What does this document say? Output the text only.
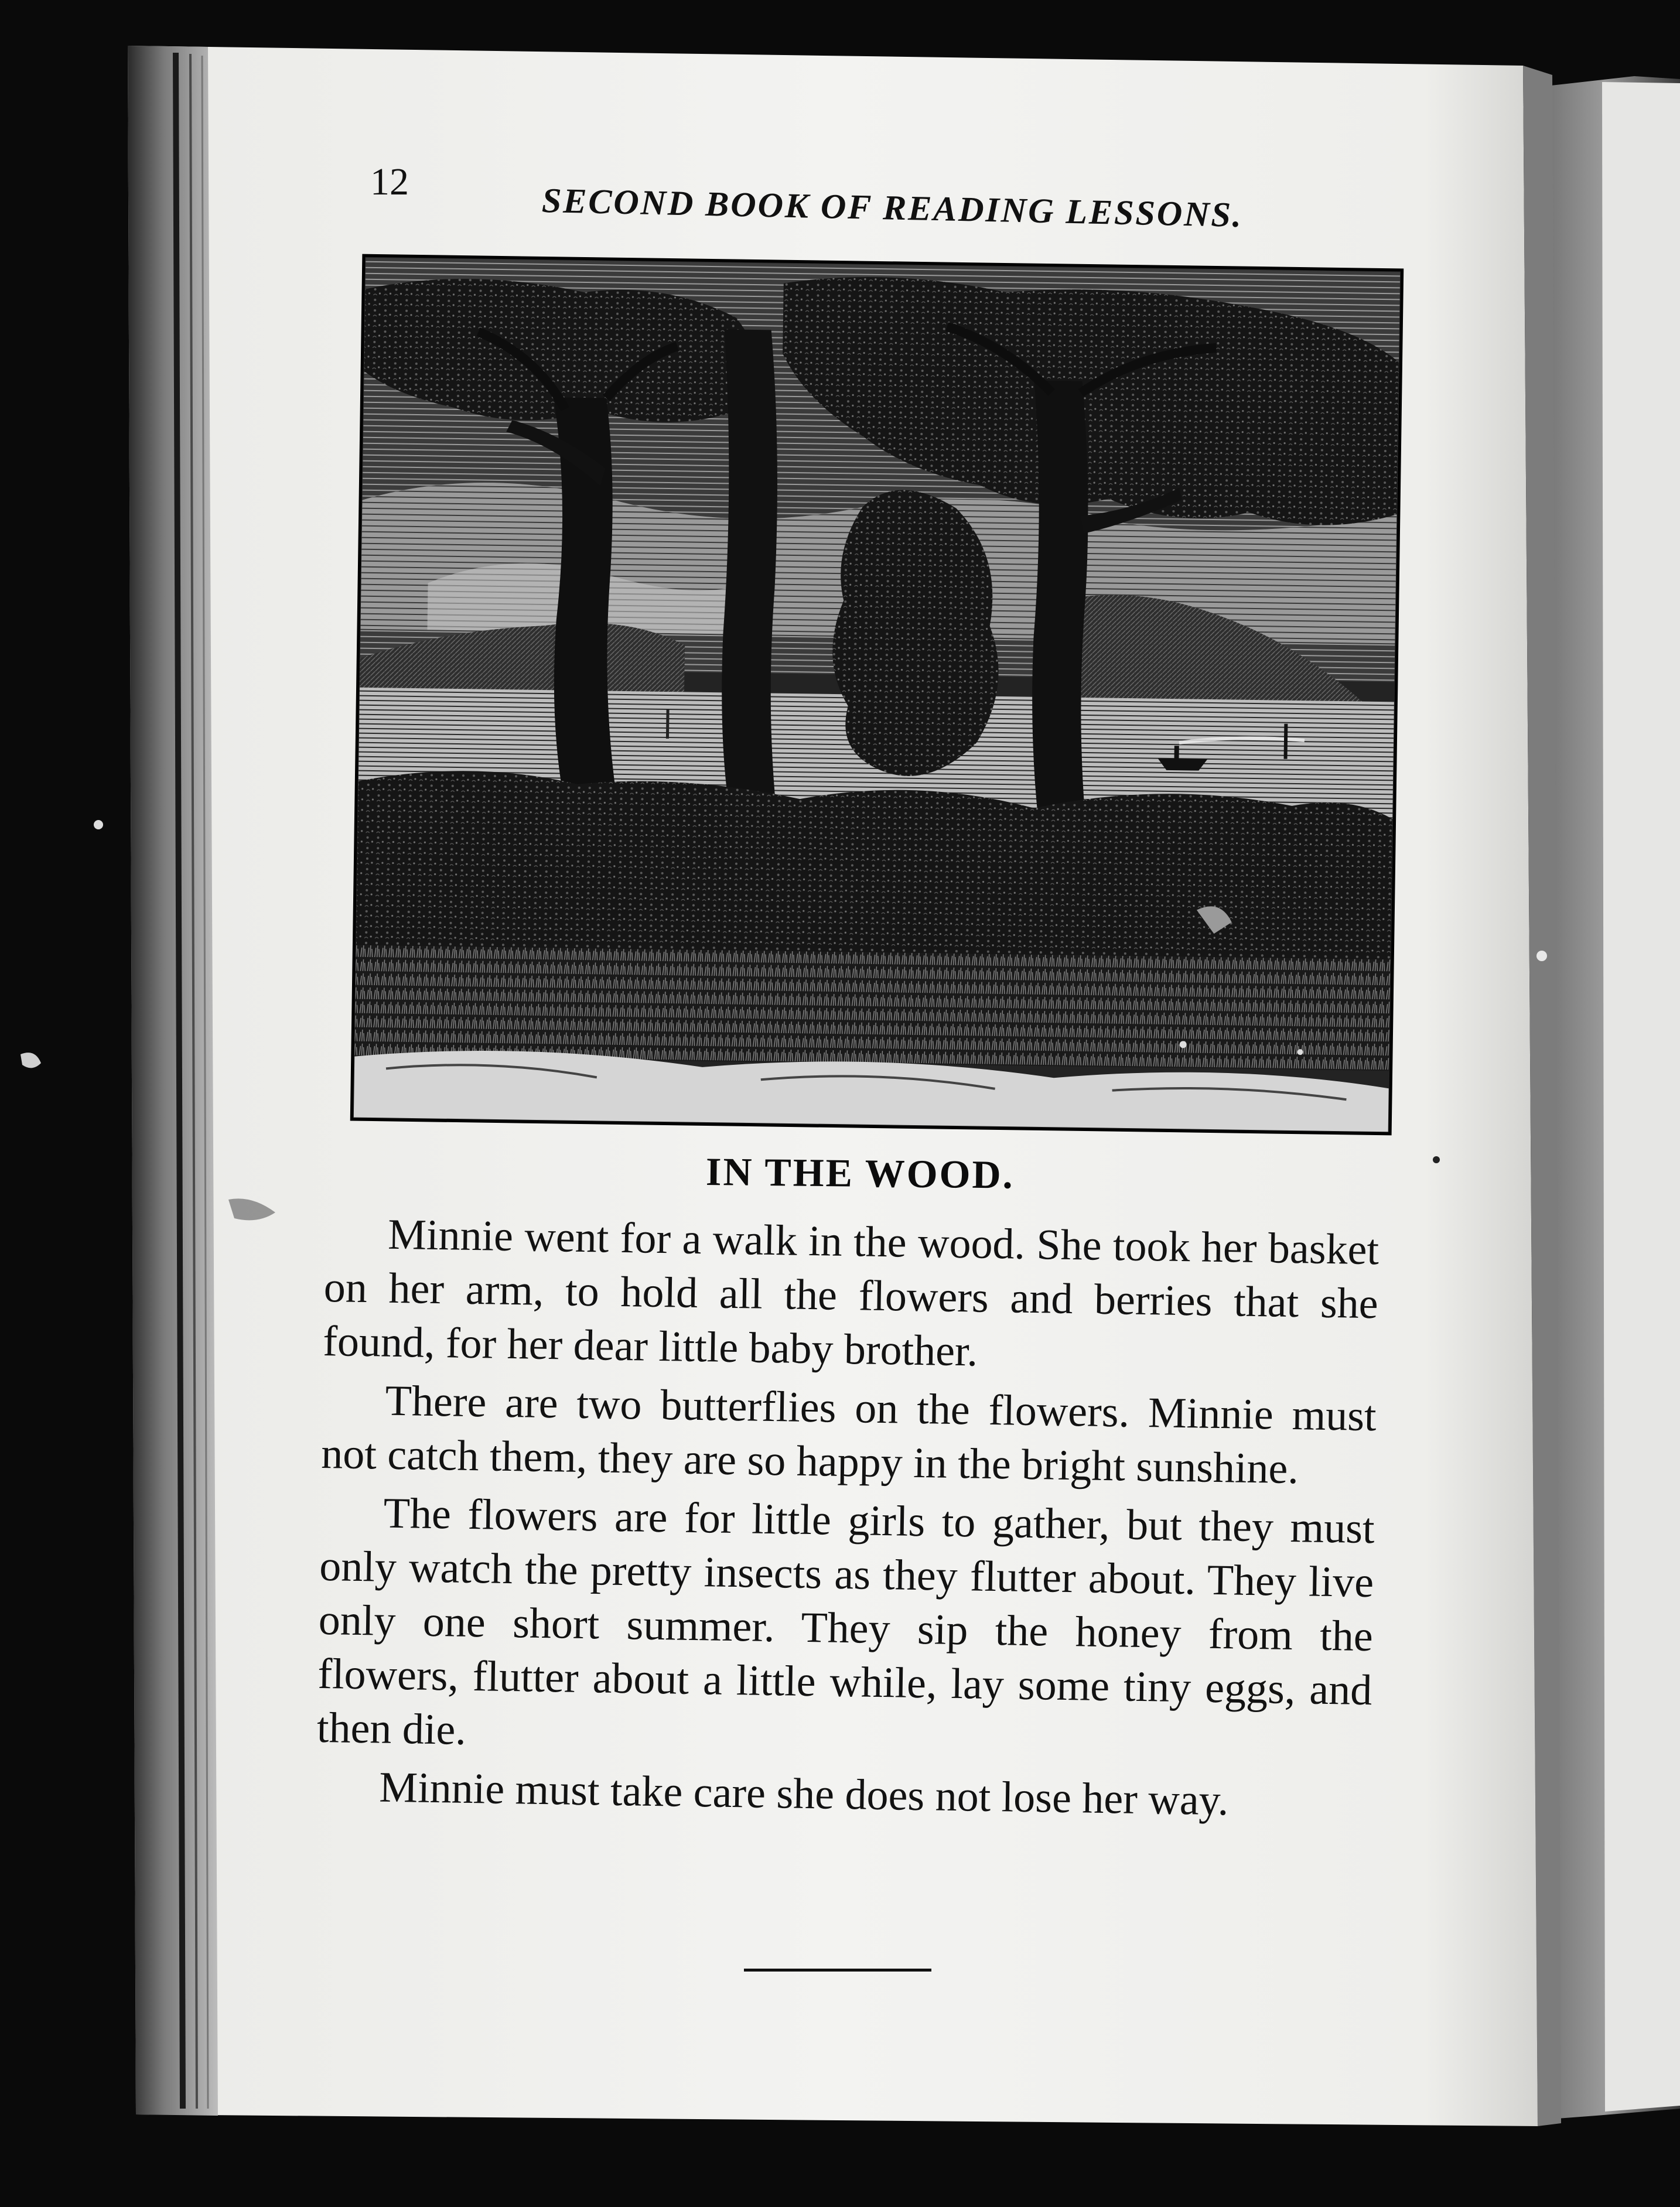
12	SECOND BOOK OF READING LESSONS.
IN THE WOOD.

Minnie went for a walk in the wood. She took her basket on her arm, to hold all the flowers and berries that she found, for her dear little baby brother.

There are two butterflies on the flowers. Minnie must not catch them, they are so happy in the bright sunshine.

The flowers are for little girls to gather, but they must only watch the pretty insects as they flutter about. They live only one short summer. They sip the honey from the flowers, flutter about a little while, lay some tiny eggs, and then die.

Minnie must take care she does not lose her way.
